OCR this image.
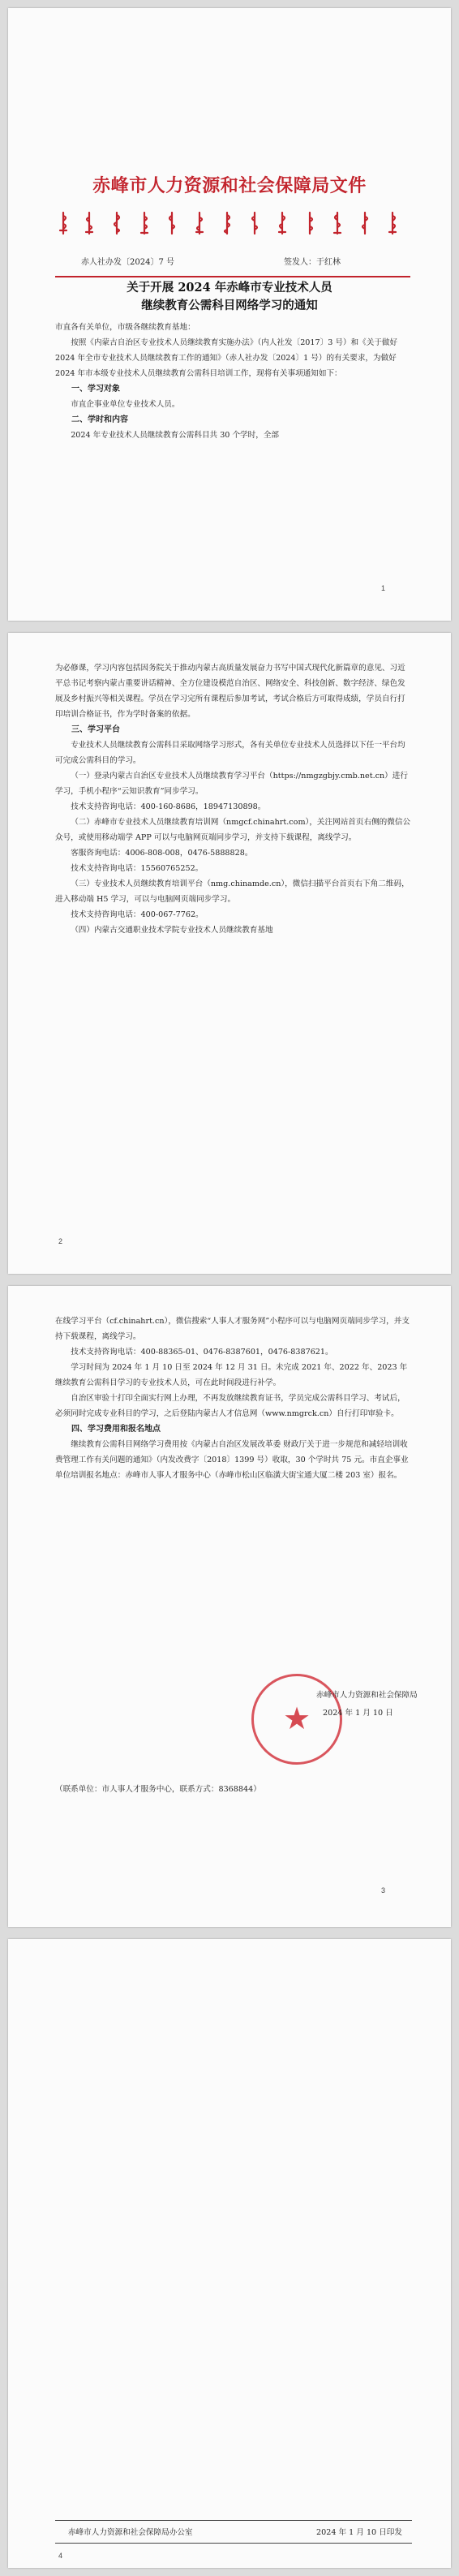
赤峰市人力资源和社会保障局文件
赤人社办发〔2024〕7 号	签发人：于红林
关于开展 2024 年赤峰市专业技术人员
继续教育公需科目网络学习的通知
市直各有关单位，市级各继续教育基地：
按照《内蒙古自治区专业技术人员继续教育实施办法》（内人社发〔2017〕3 号）和《关于做好 2024 年全市专业技术人员继续教育工作的通知》（赤人社办发〔2024〕1 号）的有关要求，为做好 2024 年市本级专业技术人员继续教育公需科目培训工作，现将有关事项通知如下：
一、学习对象
市直企事业单位专业技术人员。
二、学时和内容
2024 年专业技术人员继续教育公需科目共 30 个学时，全部
1
为必修课，学习内容包括因务院关于推动内蒙古高质量发展奋力书写中国式现代化新篇章的意见、习近平总书记考察内蒙古重要讲话精神、全方位建设模范自治区、网络安全、科技创新、数字经济、绿色发展及乡村振兴等相关课程。学员在学习完所有课程后参加考试，考试合格后方可取得成绩，学员自行打印培训合格证书，作为学时备案的依据。
三、学习平台
专业技术人员继续教育公需科目采取网络学习形式，各有关单位专业技术人员选择以下任一平台均可完成公需科目的学习。
（一）登录内蒙古自治区专业技术人员继续教育学习平台（https://nmgzgbjy.cmb.net.cn）进行学习，手机小程序“云知识教育”同步学习。
技术支持咨询电话：400-160-8686，18947130898。
（二）赤峰市专业技术人员继续教育培训网（nmgcf.chinahrt.com），关注网站首页右侧的微信公众号，或使用移动端学 APP 可以与电脑网页端同步学习，并支持下载课程，离线学习。
客服咨询电话：4006-808-008，0476-5888828。
技术支持咨询电话：15560765252。
（三）专业技术人员继续教育培训平台（nmg.chinamde.cn），微信扫描平台首页右下角二维码，进入移动端 H5 学习，可以与电脑网页端同步学习。
技术支持咨询电话：400-067-7762。
（四）内蒙古交通职业技术学院专业技术人员继续教育基地
2
在线学习平台（cf.chinahrt.cn），微信搜索“人事人才服务网”小程序可以与电脑网页端同步学习，并支持下载课程，离线学习。
技术支持咨询电话：400-88365-01、0476-8387601，0476-8387621。
学习时间为 2024 年 1 月 10 日至 2024 年 12 月 31 日。未完成 2021 年、2022 年、2023 年继续教育公需科目学习的专业技术人员，可在此时间段进行补学。
自治区审验十打印全面实行网上办理，不再发放继续教育证书，学员完成公需科目学习、考试后，必须同时完成专业科目的学习，之后登陆内蒙古人才信息网（www.nmgrck.cn）自行打印审验卡。
四、学习费用和报名地点
继续教育公需科目网络学习费用按《内蒙古自治区发展改革委 财政厅关于进一步规范和减轻培训收费管理工作有关问题的通知》（内发改费字〔2018〕1399 号）收取，30 个学时共 75 元。市直企事业单位培训报名地点：赤峰市人事人才服务中心（赤峰市松山区临潢大街宝通大厦二楼 203 室）报名。
★
赤峰市人力资源和社会保障局
2024 年 1 月 10 日
（联系单位：市人事人才服务中心，联系方式：8368844）
3
赤峰市人力资源和社会保障局办公室	2024 年 1 月 10 日印发
4
